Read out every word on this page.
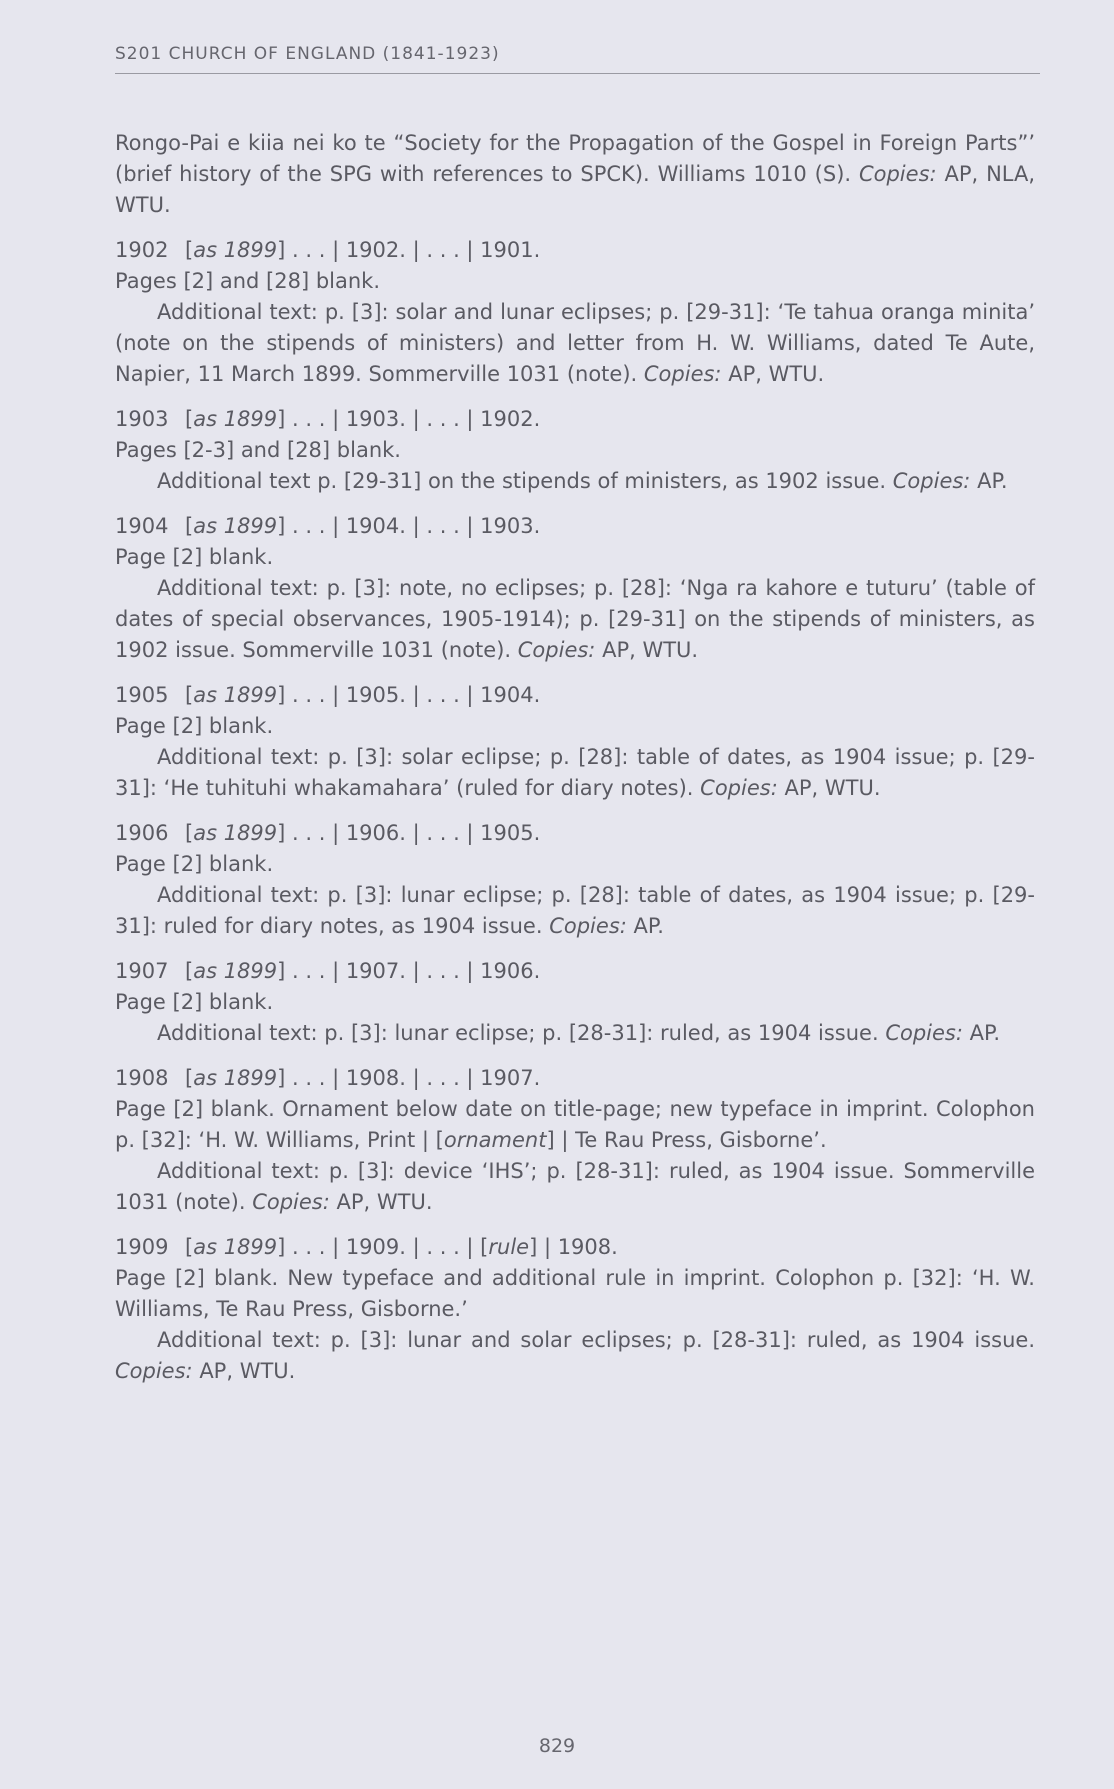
S201 CHURCH OF ENGLAND (1841-1923)

Rongo-Pai e kiia nei ko te “Society for the Propagation of the Gospel in Foreign Parts”’ (brief history of the SPG with references to SPCK). Williams 1010 (S). Copies: AP, NLA, WTU.

1902 [as 1899] . . . | 1902. | . . . | 1901.

Pages [2] and [28] blank.

Additional text: p. [3]: solar and lunar eclipses; p. [29-31]: ‘Te tahua oranga minita’ (note on the stipends of ministers) and letter from H. W. Williams, dated Te Aute, Napier, 11 March 1899. Sommerville 1031 (note). Copies: AP, WTU.

1903 [as 1899] . . . | 1903. | . . . | 1902.

Pages [2-3] and [28] blank.

Additional text p. [29-31] on the stipends of ministers, as 1902 issue. Copies: AP.

1904 [as 1899] . . . | 1904. | . . . | 1903.

Page [2] blank.

Additional text: p. [3]: note, no eclipses; p. [28]: ‘Nga ra kahore e tuturu’ (table of dates of special observances, 1905-1914); p. [29-31] on the stipends of ministers, as 1902 issue. Sommerville 1031 (note). Copies: AP, WTU.

1905 [as 1899] . . . | 1905. | . . . | 1904.

Page [2] blank.

Additional text: p. [3]: solar eclipse; p. [28]: table of dates, as 1904 issue; p. [29-31]: ‘He tuhituhi whakamahara’ (ruled for diary notes). Copies: AP, WTU.

1906 [as 1899] . . . | 1906. | . . . | 1905.

Page [2] blank.

Additional text: p. [3]: lunar eclipse; p. [28]: table of dates, as 1904 issue; p. [29-31]: ruled for diary notes, as 1904 issue. Copies: AP.

1907 [as 1899] . . . | 1907. | . . . | 1906.

Page [2] blank.

Additional text: p. [3]: lunar eclipse; p. [28-31]: ruled, as 1904 issue. Copies: AP.

1908 [as 1899] . . . | 1908. | . . . | 1907.

Page [2] blank. Ornament below date on title-page; new typeface in imprint. Colophon p. [32]: ‘H. W. Williams, Print | [ornament] | Te Rau Press, Gisborne’.

Additional text: p. [3]: device ‘IHS’; p. [28-31]: ruled, as 1904 issue. Sommerville 1031 (note). Copies: AP, WTU.

1909 [as 1899] . . . | 1909. | . . . | [rule] | 1908.

Page [2] blank. New typeface and additional rule in imprint. Colophon p. [32]: ‘H. W. Williams, Te Rau Press, Gisborne.’

Additional text: p. [3]: lunar and solar eclipses; p. [28-31]: ruled, as 1904 issue. Copies: AP, WTU.

829
